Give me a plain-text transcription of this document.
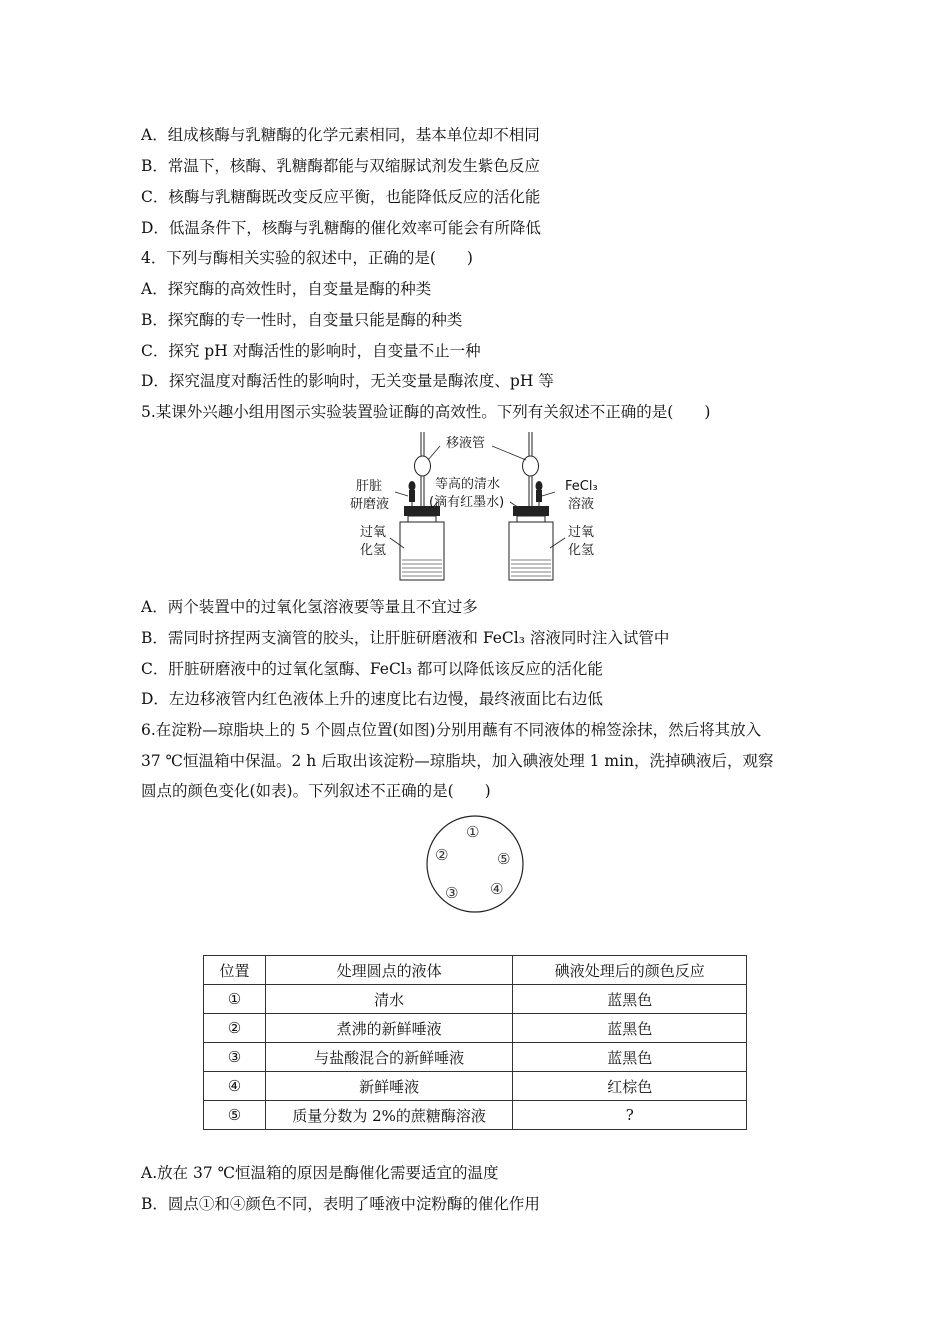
A．组成核酶与乳糖酶的化学元素相同，基本单位却不相同
B．常温下，核酶、乳糖酶都能与双缩脲试剂发生紫色反应
C．核酶与乳糖酶既改变反应平衡，也能降低反应的活化能
D．低温条件下，核酶与乳糖酶的催化效率可能会有所降低
4．下列与酶相关实验的叙述中，正确的是(　　)
A．探究酶的高效性时，自变量是酶的种类
B．探究酶的专一性时，自变量只能是酶的种类
C．探究 pH 对酶活性的影响时，自变量不止一种
D．探究温度对酶活性的影响时，无关变量是酶浓度、pH 等
5.某课外兴趣小组用图示实验装置验证酶的高效性。下列有关叙述不正确的是(　　)
移液管
肝脏
研磨液
等高的清水
(滴有红墨水)
FeCl₃
溶液
过氧
化氢
过氧
化氢
A．两个装置中的过氧化氢溶液要等量且不宜过多
B．需同时挤捏两支滴管的胶头，让肝脏研磨液和 FeCl₃ 溶液同时注入试管中
C．肝脏研磨液中的过氧化氢酶、FeCl₃ 都可以降低该反应的活化能
D．左边移液管内红色液体上升的速度比右边慢，最终液面比右边低
6.在淀粉—琼脂块上的 5 个圆点位置(如图)分别用蘸有不同液体的棉签涂抹，然后将其放入
37 ℃恒温箱中保温。2 h 后取出该淀粉—琼脂块，加入碘液处理 1 min，洗掉碘液后，观察
圆点的颜色变化(如表)。下列叙述不正确的是(　　)
①
②
③ ④
⑤
位置	处理圆点的液体	碘液处理后的颜色反应
①	清水	蓝黑色
②	煮沸的新鲜唾液	蓝黑色
③	与盐酸混合的新鲜唾液	蓝黑色
④	新鲜唾液	红棕色
⑤	质量分数为 2%的蔗糖酶溶液	?
A.放在 37 ℃恒温箱的原因是酶催化需要适宜的温度
B．圆点①和④颜色不同，表明了唾液中淀粉酶的催化作用
